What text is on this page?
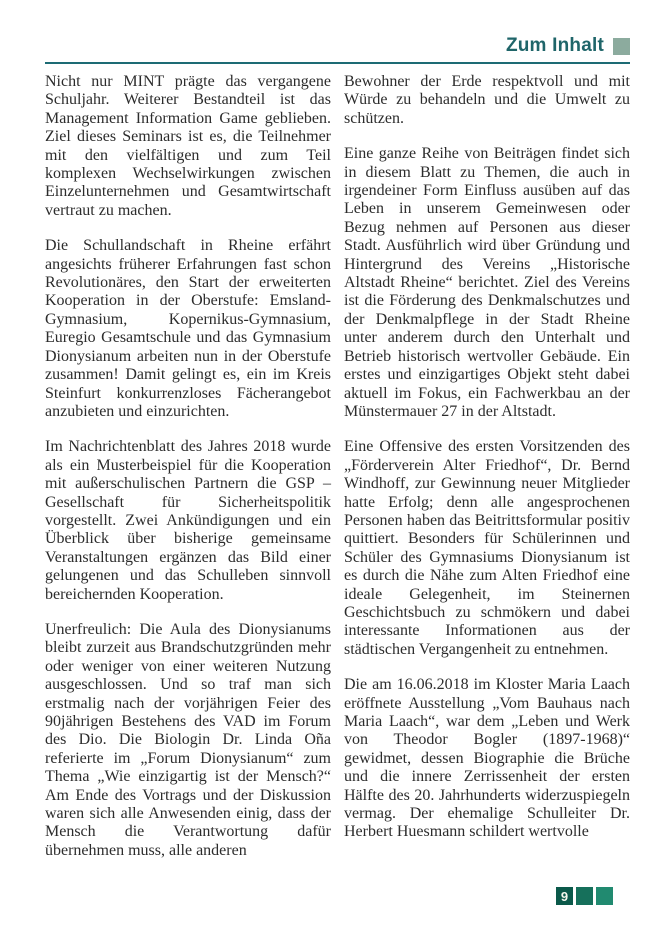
Zum Inhalt

Nicht nur MINT prägte das vergangene Schuljahr. Weiterer Bestandteil ist das Management Information Game geblieben. Ziel dieses Seminars ist es, die Teilnehmer mit den vielfältigen und zum Teil komplexen Wechselwirkungen zwischen Einzelunternehmen und Gesamtwirtschaft vertraut zu machen.

Die Schullandschaft in Rheine erfährt angesichts früherer Erfahrungen fast schon Revolutionäres, den Start der erweiterten Kooperation in der Oberstufe: Emsland-Gymnasium, Kopernikus-Gymnasium, Euregio Gesamtschule und das Gymnasium Dionysianum arbeiten nun in der Oberstufe zusammen! Damit gelingt es, ein im Kreis Steinfurt konkurrenzloses Fächerangebot anzubieten und einzurichten.

Im Nachrichtenblatt des Jahres 2018 wurde als ein Musterbeispiel für die Kooperation mit außerschulischen Partnern die GSP – Gesellschaft für Sicherheitspolitik vorgestellt. Zwei Ankündigungen und ein Überblick über bisherige gemeinsame Veranstaltungen ergänzen das Bild einer gelungenen und das Schulleben sinnvoll bereichernden Kooperation.

Unerfreulich: Die Aula des Dionysianums bleibt zurzeit aus Brandschutzgründen mehr oder weniger von einer weiteren Nutzung ausgeschlossen. Und so traf man sich erstmalig nach der vorjährigen Feier des 90jährigen Bestehens des VAD im Forum des Dio. Die Biologin Dr. Linda Oña referierte im „Forum Dionysianum“ zum Thema „Wie einzigartig ist der Mensch?“ Am Ende des Vortrags und der Diskussion waren sich alle Anwesenden einig, dass der Mensch die Verantwortung dafür übernehmen muss, alle anderen

Bewohner der Erde respektvoll und mit Würde zu behandeln und die Umwelt zu schützen.

Eine ganze Reihe von Beiträgen findet sich in diesem Blatt zu Themen, die auch in irgendeiner Form Einfluss ausüben auf das Leben in unserem Gemeinwesen oder Bezug nehmen auf Personen aus dieser Stadt. Ausführlich wird über Gründung und Hintergrund des Vereins „Historische Altstadt Rheine“ berichtet. Ziel des Vereins ist die Förderung des Denkmalschutzes und der Denkmalpflege in der Stadt Rheine unter anderem durch den Unterhalt und Betrieb historisch wertvoller Gebäude. Ein erstes und einzigartiges Objekt steht dabei aktuell im Fokus, ein Fachwerkbau an der Münstermauer 27 in der Altstadt.

Eine Offensive des ersten Vorsitzenden des „Förderverein Alter Friedhof“, Dr. Bernd Windhoff, zur Gewinnung neuer Mitglieder hatte Erfolg; denn alle angesprochenen Personen haben das Beitrittsformular positiv quittiert. Besonders für Schülerinnen und Schüler des Gymnasiums Dionysianum ist es durch die Nähe zum Alten Friedhof eine ideale Gelegenheit, im Steinernen Geschichtsbuch zu schmökern und dabei interessante Informationen aus der städtischen Vergangenheit zu entnehmen.

Die am 16.06.2018 im Kloster Maria Laach eröffnete Ausstellung „Vom Bauhaus nach Maria Laach“, war dem „Leben und Werk von Theodor Bogler (1897-1968)“ gewidmet, dessen Biographie die Brüche und die innere Zerrissenheit der ersten Hälfte des 20. Jahrhunderts widerzuspiegeln vermag. Der ehemalige Schulleiter Dr. Herbert Huesmann schildert wertvolle

9
